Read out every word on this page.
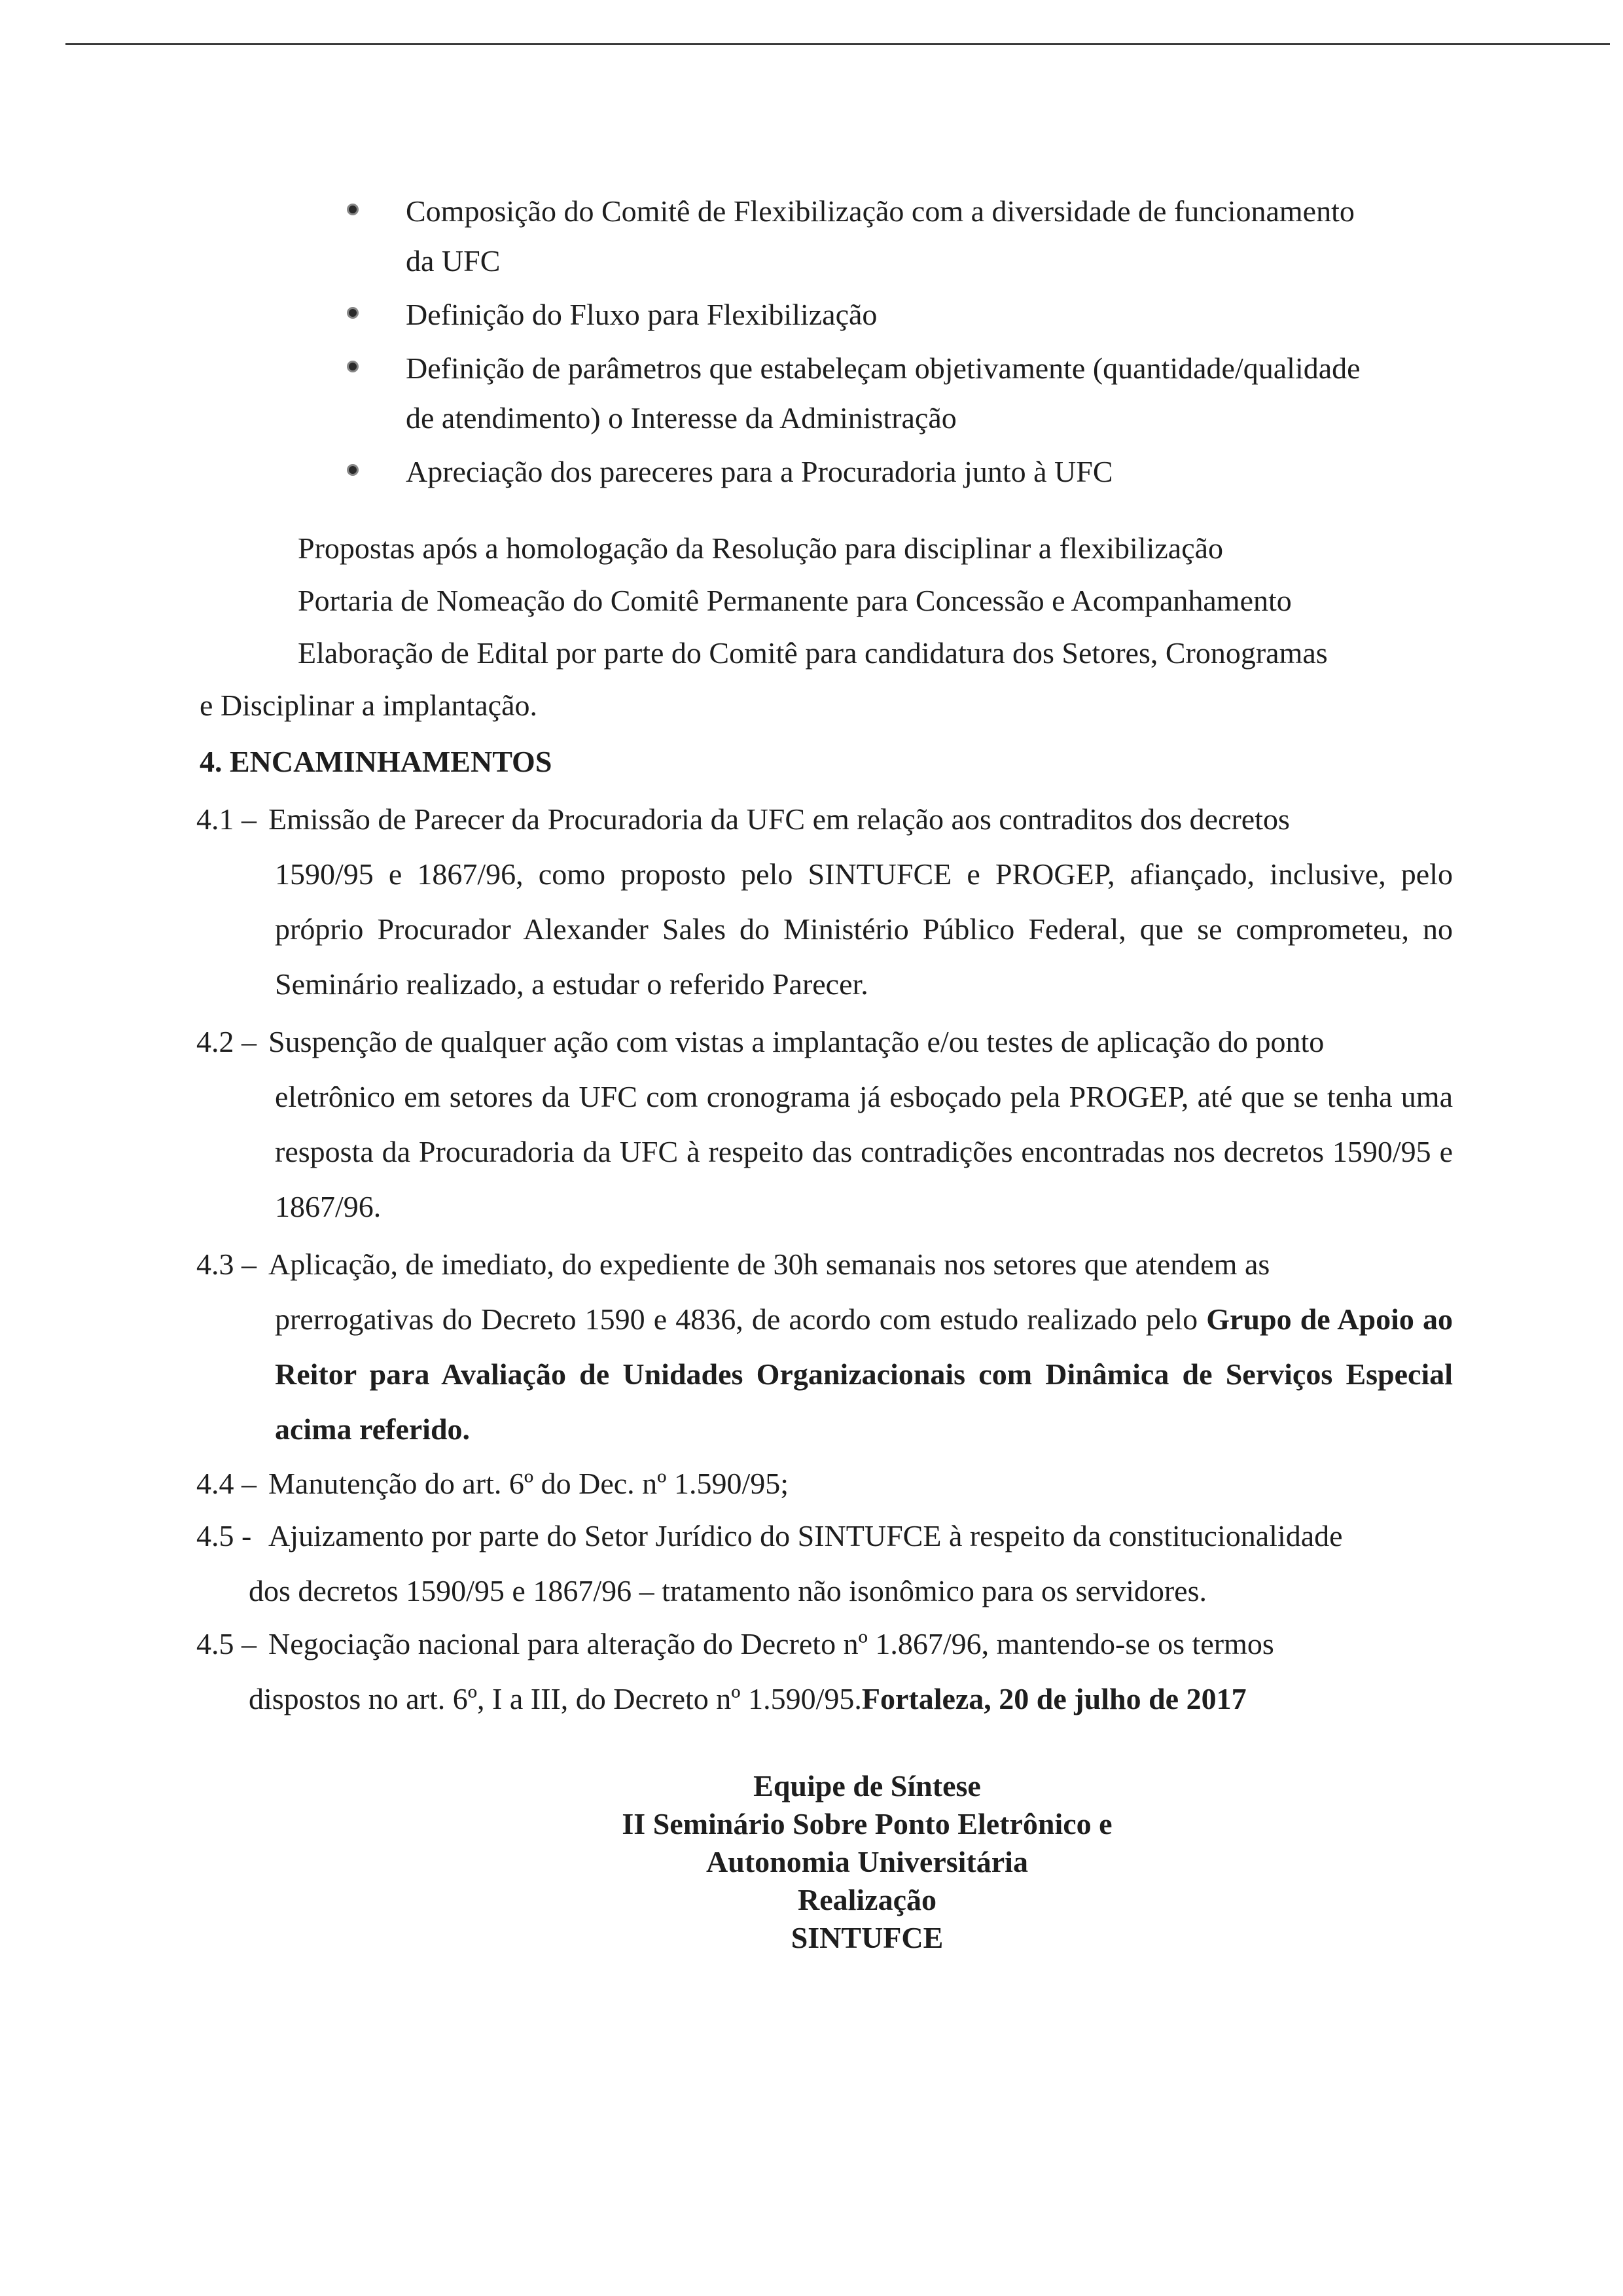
Composição do Comitê de Flexibilização com a diversidade de funcionamento
da UFC
Definição do Fluxo para Flexibilização
Definição de parâmetros que estabeleçam objetivamente (quantidade/qualidade
de atendimento) o Interesse da Administração
Apreciação dos pareceres para a Procuradoria junto à UFC
Propostas após a homologação da Resolução para disciplinar a flexibilização
Portaria de Nomeação do Comitê Permanente para Concessão e Acompanhamento
Elaboração de Edital por parte do Comitê para candidatura dos Setores, Cronogramas
e Disciplinar a implantação.
4. ENCAMINHAMENTOS
4.1 – Emissão de Parecer da Procuradoria da UFC em relação aos contraditos dos decretos
1590/95 e 1867/96, como proposto pelo SINTUFCE e PROGEP, afiançado, inclusive, pelo próprio Procurador Alexander Sales do Ministério Público Federal, que se comprometeu, no Seminário realizado, a estudar o referido Parecer.
4.2 – Suspenção de qualquer ação com vistas a implantação e/ou testes de aplicação do ponto
eletrônico em setores da UFC com cronograma já esboçado pela PROGEP, até que se tenha uma resposta da Procuradoria da UFC à respeito das contradições encontradas nos decretos 1590/95 e 1867/96.
4.3 – Aplicação, de imediato, do expediente de 30h semanais nos setores que atendem as
prerrogativas do Decreto 1590 e 4836, de acordo com estudo realizado pelo Grupo de Apoio ao Reitor para Avaliação de Unidades Organizacionais com Dinâmica de Serviços Especial acima referido.
4.4 – Manutenção do art. 6º do Dec. nº 1.590/95;
4.5 - Ajuizamento por parte do Setor Jurídico do SINTUFCE à respeito da constitucionalidade
dos decretos 1590/95 e 1867/96 – tratamento não isonômico para os servidores.
4.5 – Negociação nacional para alteração do Decreto nº 1.867/96, mantendo-se os termos
dispostos no art. 6º, I a III, do Decreto nº 1.590/95.Fortaleza, 20 de julho de 2017
Equipe de Síntese
II Seminário Sobre Ponto Eletrônico e
Autonomia Universitária
Realização
SINTUFCE
